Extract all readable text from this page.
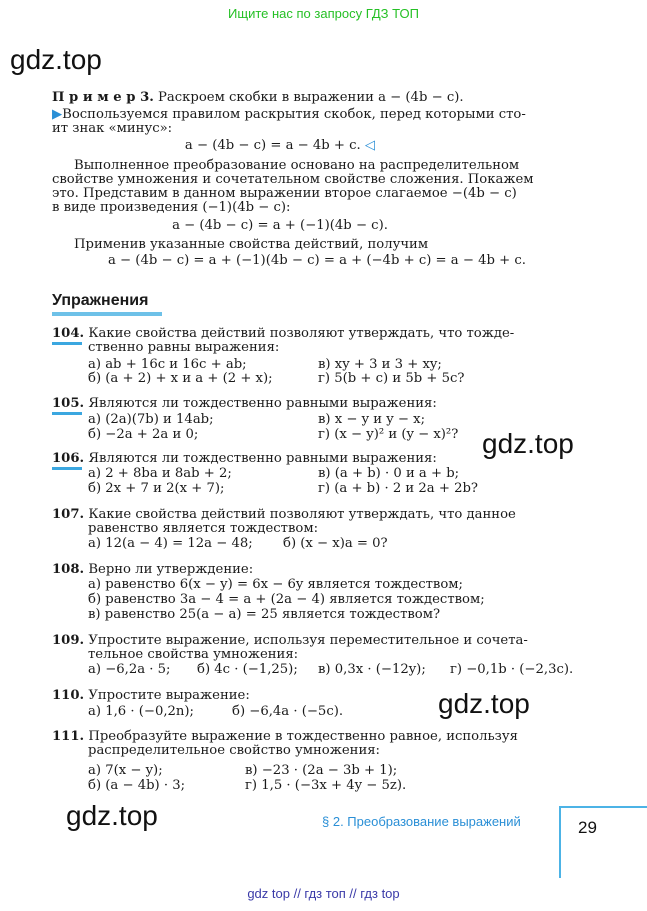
Ищите нас по запросу ГДЗ ТОП
gdz.top
П р и м е р 3. Раскроем скобки в выражении a − (4b − c).
▶Воспользуемся правилом раскрытия скобок, перед которыми сто-
ит знак «минус»:
a − (4b − c) = a − 4b + c. ◁
Выполненное преобразование основано на распределительном
свойстве умножения и сочетательном свойстве сложения. Покажем
это. Представим в данном выражении второе слагаемое −(4b − c)
в виде произведения (−1)(4b − c):
a − (4b − c) = a + (−1)(4b − c).
Применив указанные свойства действий, получим
a − (4b − c) = a + (−1)(4b − c) = a + (−4b + c) = a − 4b + c.
Упражнения
104. Какие свойства действий позволяют утверждать, что тожде-
ственно равны выражения:
а) ab + 16c и 16c + ab;	в) xy + 3 и 3 + xy;
б) (a + 2) + x и a + (2 + x);	г) 5(b + c) и 5b + 5c?
105. Являются ли тождественно равными выражения:
а) (2a)(7b) и 14ab;	в) x − y и y − x;
б) −2a + 2a и 0;	г) (x − y)² и (y − x)²? gdz.top
106. Являются ли тождественно равными выражения:
а) 2 + 8ba и 8ab + 2;	в) (a + b) · 0 и a + b;
б) 2x + 7 и 2(x + 7);	г) (a + b) · 2 и 2a + 2b?
107. Какие свойства действий позволяют утверждать, что данное
равенство является тождеством:
а) 12(a − 4) = 12a − 48; б) (x − x)a = 0?
108. Верно ли утверждение:
а) равенство 6(x − y) = 6x − 6y является тождеством;
б) равенство 3a − 4 = a + (2a − 4) является тождеством;
в) равенство 25(a − a) = 25 является тождеством?
109. Упростите выражение, используя переместительное и сочета-
тельное свойства умножения:
а) −6,2a · 5; б) 4c · (−1,25); в) 0,3x · (−12y); г) −0,1b · (−2,3c).
110. Упростите выражение:
а) 1,6 · (−0,2n);	б) −6,4a · (−5c).	gdz.top
111. Преобразуйте выражение в тождественно равное, используя
распределительное свойство умножения:
а) 7(x − y);	в) −23 · (2a − 3b + 1);
б) (a − 4b) · 3;	г) 1,5 · (−3x + 4y − 5z).
gdz.top	§ 2. Преобразование выражений	29
gdz top // гдз топ // гдз top
